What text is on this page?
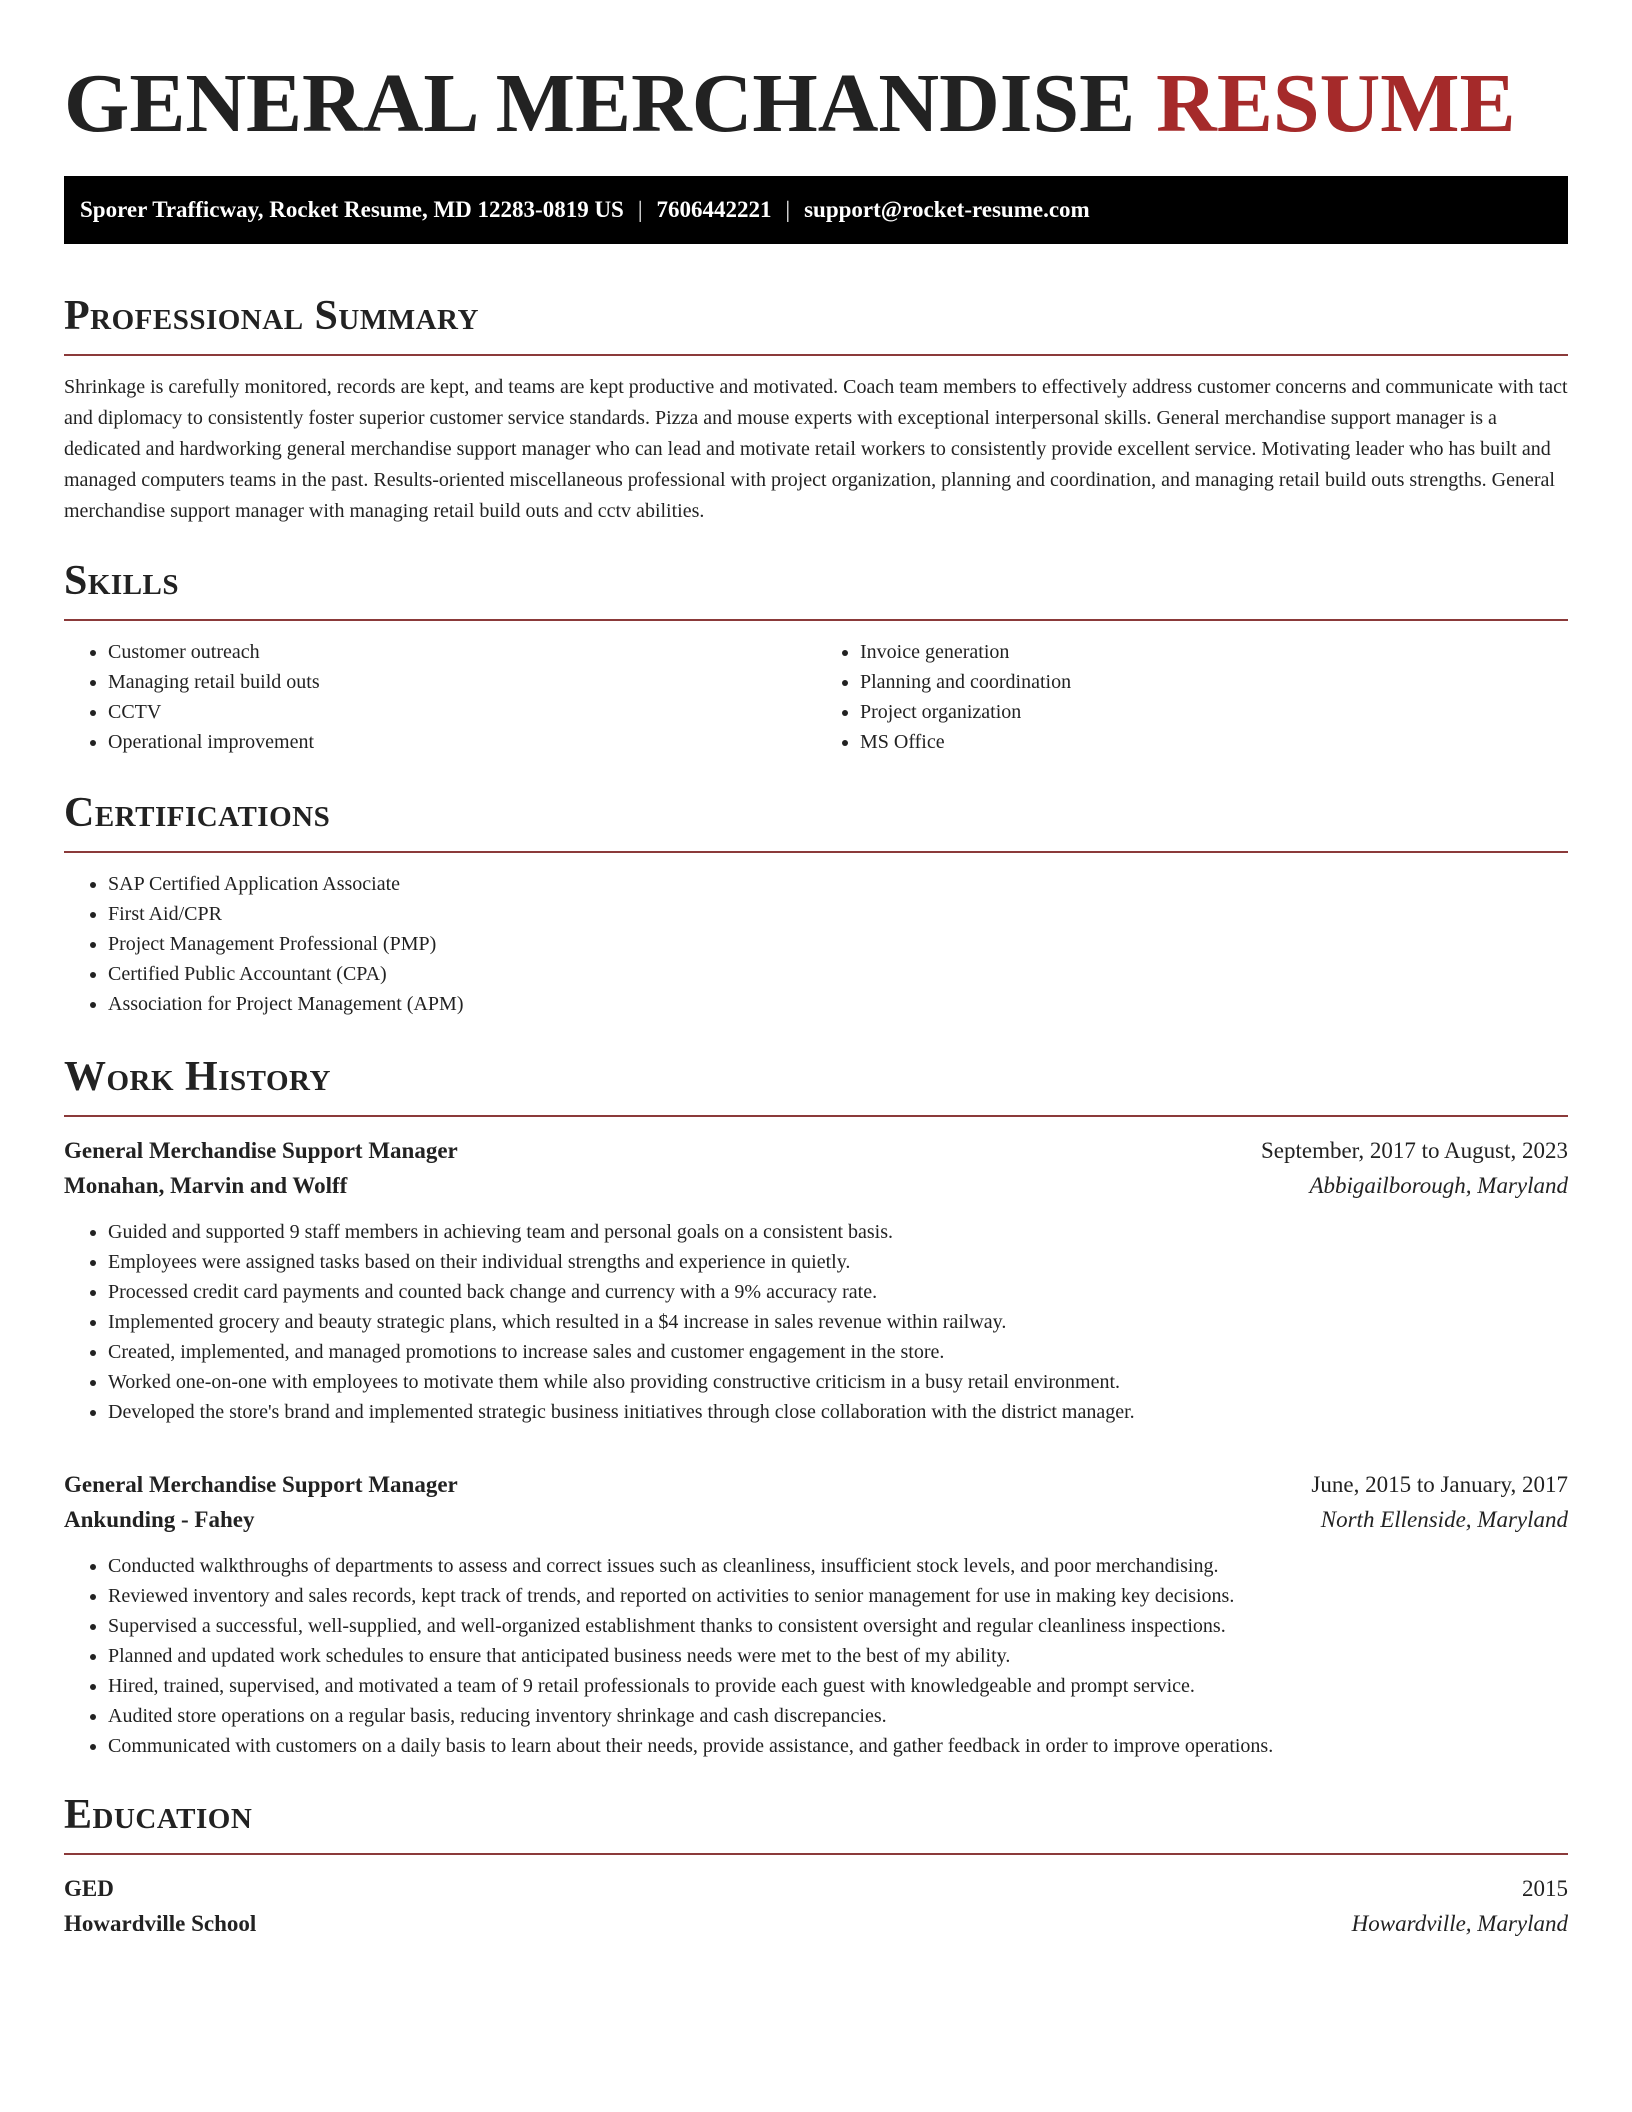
GENERAL MERCHANDISE RESUME
Sporer Trafficway, Rocket Resume, MD 12283-0819 US | 7606442221 | support@rocket-resume.com
Professional Summary

Shrinkage is carefully monitored, records are kept, and teams are kept productive and motivated. Coach team members to effectively address customer concerns and communicate with tact and diplomacy to consistently foster superior customer service standards. Pizza and mouse experts with exceptional interpersonal skills. General merchandise support manager is a dedicated and hardworking general merchandise support manager who can lead and motivate retail workers to consistently provide excellent service. Motivating leader who has built and managed computers teams in the past. Results-oriented miscellaneous professional with project organization, planning and coordination, and managing retail build outs strengths. General merchandise support manager with managing retail build outs and cctv abilities.

Skills
• Customer outreach
• Managing retail build outs
• CCTV
• Operational improvement
• Invoice generation
• Planning and coordination
• Project organization
• MS Office
Certifications
• SAP Certified Application Associate
• First Aid/CPR
• Project Management Professional (PMP)
• Certified Public Accountant (CPA)
• Association for Project Management (APM)
Work History
General Merchandise Support Manager	September, 2017 to August, 2023
Monahan, Marvin and Wolff	Abbigailborough, Maryland
• Guided and supported 9 staff members in achieving team and personal goals on a consistent basis.
• Employees were assigned tasks based on their individual strengths and experience in quietly.
• Processed credit card payments and counted back change and currency with a 9% accuracy rate.
• Implemented grocery and beauty strategic plans, which resulted in a $4 increase in sales revenue within railway.
• Created, implemented, and managed promotions to increase sales and customer engagement in the store.
• Worked one-on-one with employees to motivate them while also providing constructive criticism in a busy retail environment.
• Developed the store's brand and implemented strategic business initiatives through close collaboration with the district manager.
General Merchandise Support Manager	June, 2015 to January, 2017
Ankunding - Fahey	North Ellenside, Maryland
• Conducted walkthroughs of departments to assess and correct issues such as cleanliness, insufficient stock levels, and poor merchandising.
• Reviewed inventory and sales records, kept track of trends, and reported on activities to senior management for use in making key decisions.
• Supervised a successful, well-supplied, and well-organized establishment thanks to consistent oversight and regular cleanliness inspections.
• Planned and updated work schedules to ensure that anticipated business needs were met to the best of my ability.
• Hired, trained, supervised, and motivated a team of 9 retail professionals to provide each guest with knowledgeable and prompt service.
• Audited store operations on a regular basis, reducing inventory shrinkage and cash discrepancies.
• Communicated with customers on a daily basis to learn about their needs, provide assistance, and gather feedback in order to improve operations.
Education
GED	2015
Howardville School	Howardville, Maryland
